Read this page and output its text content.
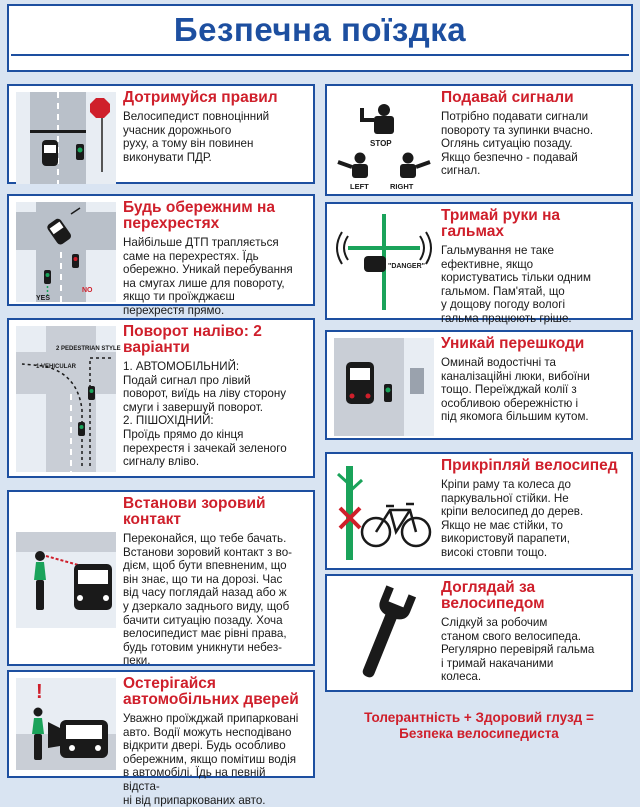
Безпечна поїздка
Дотримуйся правил

Велосипедист повноцінний
учасник дорожнього
руху, а тому він повинен
виконувати ПДР.

YES
NO
Будь обережним на перехрестях

Найбільше ДТП трапляється
саме на перехрестях. Їдь
обережно. Уникай перебування
на смугах лише для повороту,
якщо ти проїжджаєш
перехрестя прямо.

1 VEHICULAR
2 PEDESTRIAN STYLE
Поворот наліво: 2 варіанти

1. АВТОМОБІЛЬНИЙ:
Подай сигнал про лівий
поворот, виїдь на ліву сторону
смуги і завершуй поворот.
2. ПІШОХІДНИЙ:
Проїдь прямо до кінця
перехрестя і зачекай зеленого
сигналу вліво.

Встанови зоровий контакт

Переконайся, що тебе бачать.
Встанови зоровий контакт з во-
дієм, щоб бути впевненим, що
він знає, що ти на дорозі. Час
від часу поглядай назад або ж
у дзеркало заднього виду, щоб
бачити ситуацію позаду. Хоча
велосипедист має рівні права,
будь готовим уникнути небез-
пеки.

!	Остерігайся автомобільних дверей

Уважно проїжджай припарковані
авто. Водії можуть несподівано
відкрити двері. Будь особливо
обережним, якщо помітиш водія
в автомобілі. Їдь на певній відста-
ні від припаркованих авто.

STOP
LEFT	RIGHT
Подавай сигнали

Потрібно подавати сигнали
повороту та зупинки вчасно.
Оглянь ситуацію позаду.
Якщо безпечно - подавай
сигнал.

"DANGER"
Тримай руки на гальмах

Гальмування не таке
ефективне, якщо
користуватись тільки одним
гальмом. Пам'ятай, що
у дощову погоду вологі
гальма працюють гріше.

Уникай перешкоди

Оминай водостічні та
каналізаційні люки, вибоїни
тощо. Переїжджай колії з
особливою обережністю і
під якомога більшим кутом.

Прикріпляй велосипед

Кріпи раму та колеса до
паркувальної стійки. Не
кріпи велосипед до дерев.
Якщо не має стійки, то
використовуй парапети,
високі стовпи тощо.

Доглядай за велосипедом

Слідкуй за робочим
станом свого велосипеда.
Регулярно перевіряй гальма
і тримай накачаними
колеса.

Толерантність + Здоровий глузд =
Безпека велосипедиста
